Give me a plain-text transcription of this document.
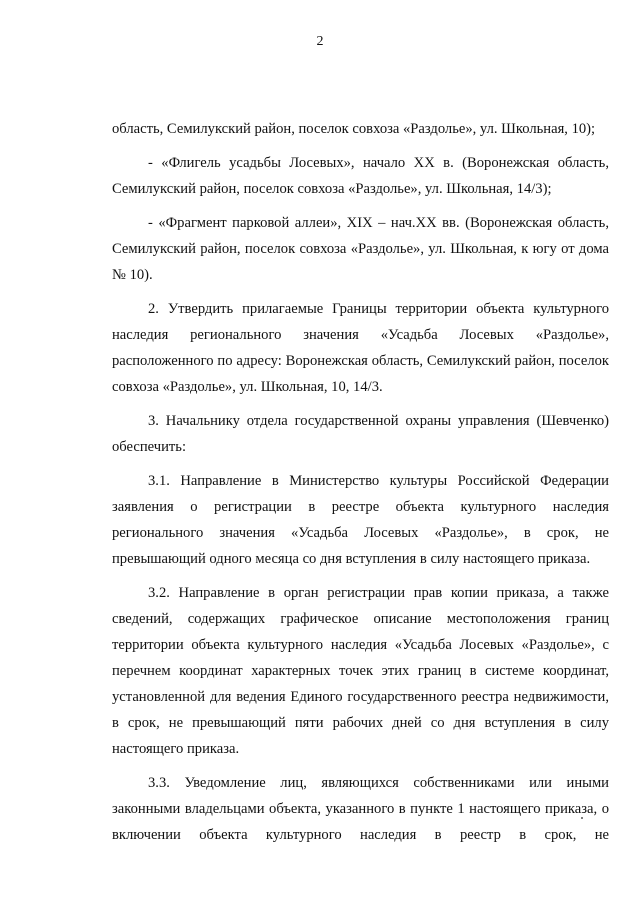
2

область, Семилукский район, поселок совхоза «Раздолье», ул. Школьная, 10);

- «Флигель усадьбы Лосевых», начало XX в. (Воронежская область, Семилукский район, поселок совхоза «Раздолье», ул. Школьная, 14/3);

- «Фрагмент парковой аллеи», XIX – нач.XX вв. (Воронежская область, Семилукский район, поселок совхоза «Раздолье», ул. Школьная, к югу от дома № 10).

2. Утвердить прилагаемые Границы территории объекта культурного наследия регионального значения «Усадьба Лосевых «Раздолье», расположенного по адресу: Воронежская область, Семилукский район, поселок совхоза «Раздолье», ул. Школьная, 10, 14/3.

3. Начальнику отдела государственной охраны управления (Шевченко) обеспечить:

3.1. Направление в Министерство культуры Российской Федерации заявления о регистрации в реестре объекта культурного наследия регионального значения «Усадьба Лосевых «Раздолье», в срок, не превышающий одного месяца со дня вступления в силу настоящего приказа.

3.2. Направление в орган регистрации прав копии приказа, а также сведений, содержащих графическое описание местоположения границ территории объекта культурного наследия «Усадьба Лосевых «Раздолье», с перечнем координат характерных точек этих границ в системе координат, установленной для ведения Единого государственного реестра недвижимости, в срок, не превышающий пяти рабочих дней со дня вступления в силу настоящего приказа.

3.3. Уведомление лиц, являющихся собственниками или иными законными владельцами объекта, указанного в пункте 1 настоящего приказа, о включении объекта культурного наследия в реестр в срок, не
